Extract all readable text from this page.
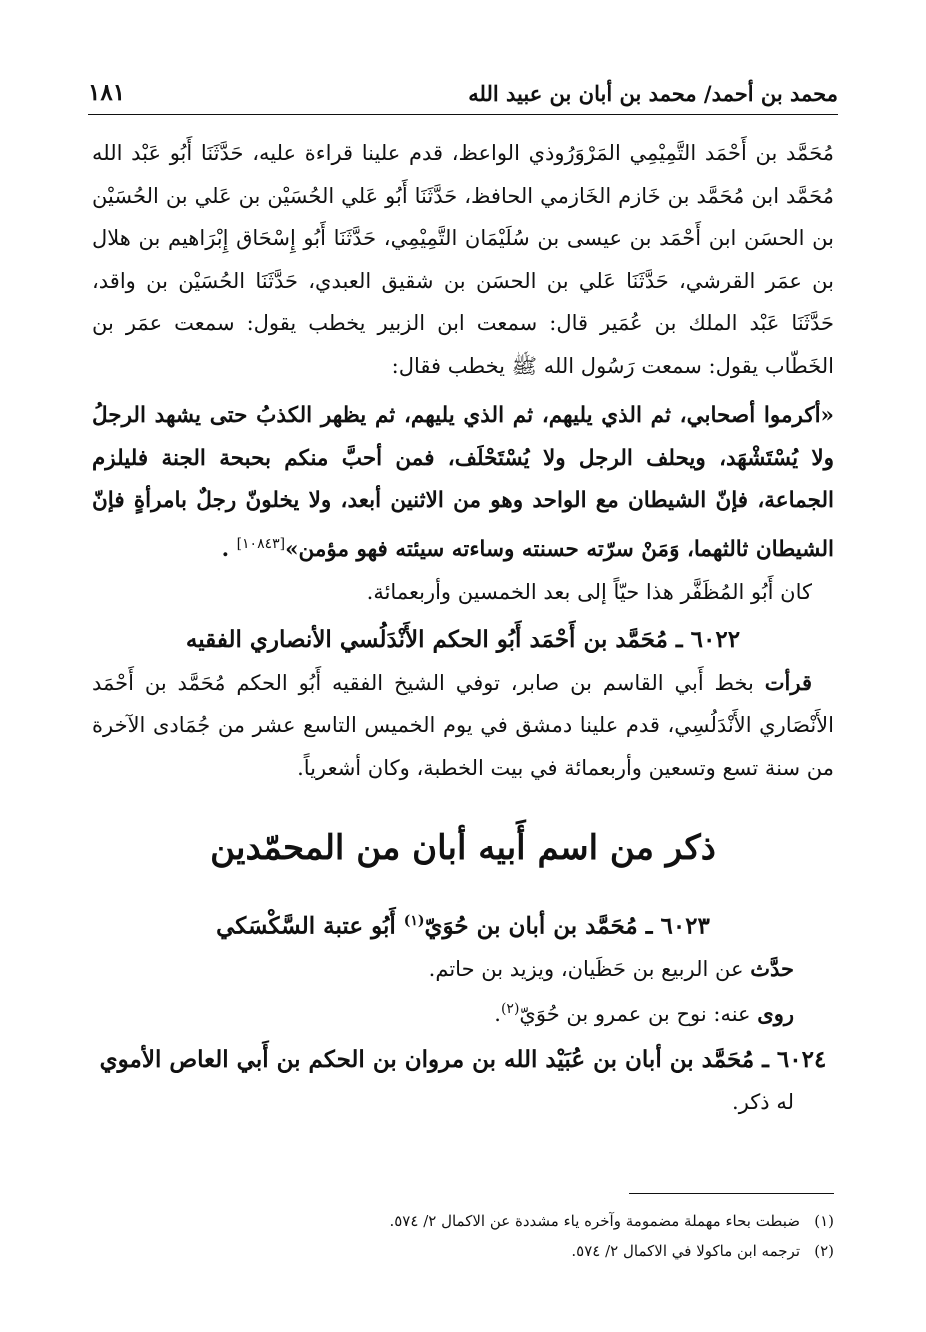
محمد بن أحمد/ محمد بن أبان بن عبيد الله
١٨١

مُحَمَّد بن أَحْمَد التَّمِيْمِي المَرْوَرُوذي الواعظ، قدم علينا قراءة عليه، حَدَّثَنَا أَبُو عَبْد الله مُحَمَّد ابن مُحَمَّد بن خَازم الخَازمي الحافظ، حَدَّثَنَا أَبُو عَلي الحُسَيْن بن عَلي بن الحُسَيْن بن الحسَن ابن أَحْمَد بن عيسى بن سُلَيْمَان التَّمِيْمِي، حَدَّثَنَا أَبُو إِسْحَاق إِبْرَاهيم بن هلال بن عمَر القرشي، حَدَّثَنَا عَلي بن الحسَن بن شقيق العبدي، حَدَّثَنَا الحُسَيْن بن واقد، حَدَّثَنَا عَبْد الملك بن عُمَير قال: سمعت ابن الزبير يخطب يقول: سمعت عمَر بن الخَطّاب يقول: سمعت رَسُول الله ﷺ يخطب فقال:

«أكرموا أصحابي، ثم الذي يليهم، ثم الذي يليهم، ثم يظهر الكذبُ حتى يشهد الرجلُ ولا يُسْتَشْهَد، ويحلف الرجل ولا يُسْتَحْلَف، فمن أحبَّ منكم بحبحة الجنة فليلزم الجماعة، فإنّ الشيطان مع الواحد وهو من الاثنين أبعد، ولا يخلونّ رجلٌ بامرأةٍ فإنّ الشيطان ثالثهما، وَمَنْ سرّته حسنته وساءته سيئته فهو مؤمن»[١٠٨٤٣] .

كان أَبُو المُظَفَّر هذا حيّاً إلى بعد الخمسين وأربعمائة.

٦٠٢٢ ـ مُحَمَّد بن أَحْمَد أَبُو الحكم الأَنْدَلُسي الأنصاري الفقيه

قرأت بخط أَبي القاسم بن صابر، توفي الشيخ الفقيه أَبُو الحكم مُحَمَّد بن أَحْمَد الأَنْصَاري الأَنْدَلُسِي، قدم علينا دمشق في يوم الخميس التاسع عشر من جُمَادى الآخرة من سنة تسع وتسعين وأربعمائة في بيت الخطبة، وكان أشعرياً.

ذكر من اسم أَبيه أبان من المحمّدين
٦٠٢٣ ـ مُحَمَّد بن أبان بن حُوَيّ$^{(١)}$ أَبُو عتبة السَّكْسَكي

حدَّث عن الربيع بن حَظَيان، ويزيد بن حاتم.

روى عنه: نوح بن عمرو بن حُوَيّ$^{(٢)}$.

٦٠٢٤ ـ مُحَمَّد بن أبان بن عُبَيْد الله بن مروان بن الحكم بن أَبي العاص الأموي

له ذكر.

(١)ضبطت بحاء مهملة مضمومة وآخره ياء مشددة عن الاكمال ٢/ ٥٧٤.
(٢)ترجمه ابن ماكولا في الاكمال ٢/ ٥٧٤.
